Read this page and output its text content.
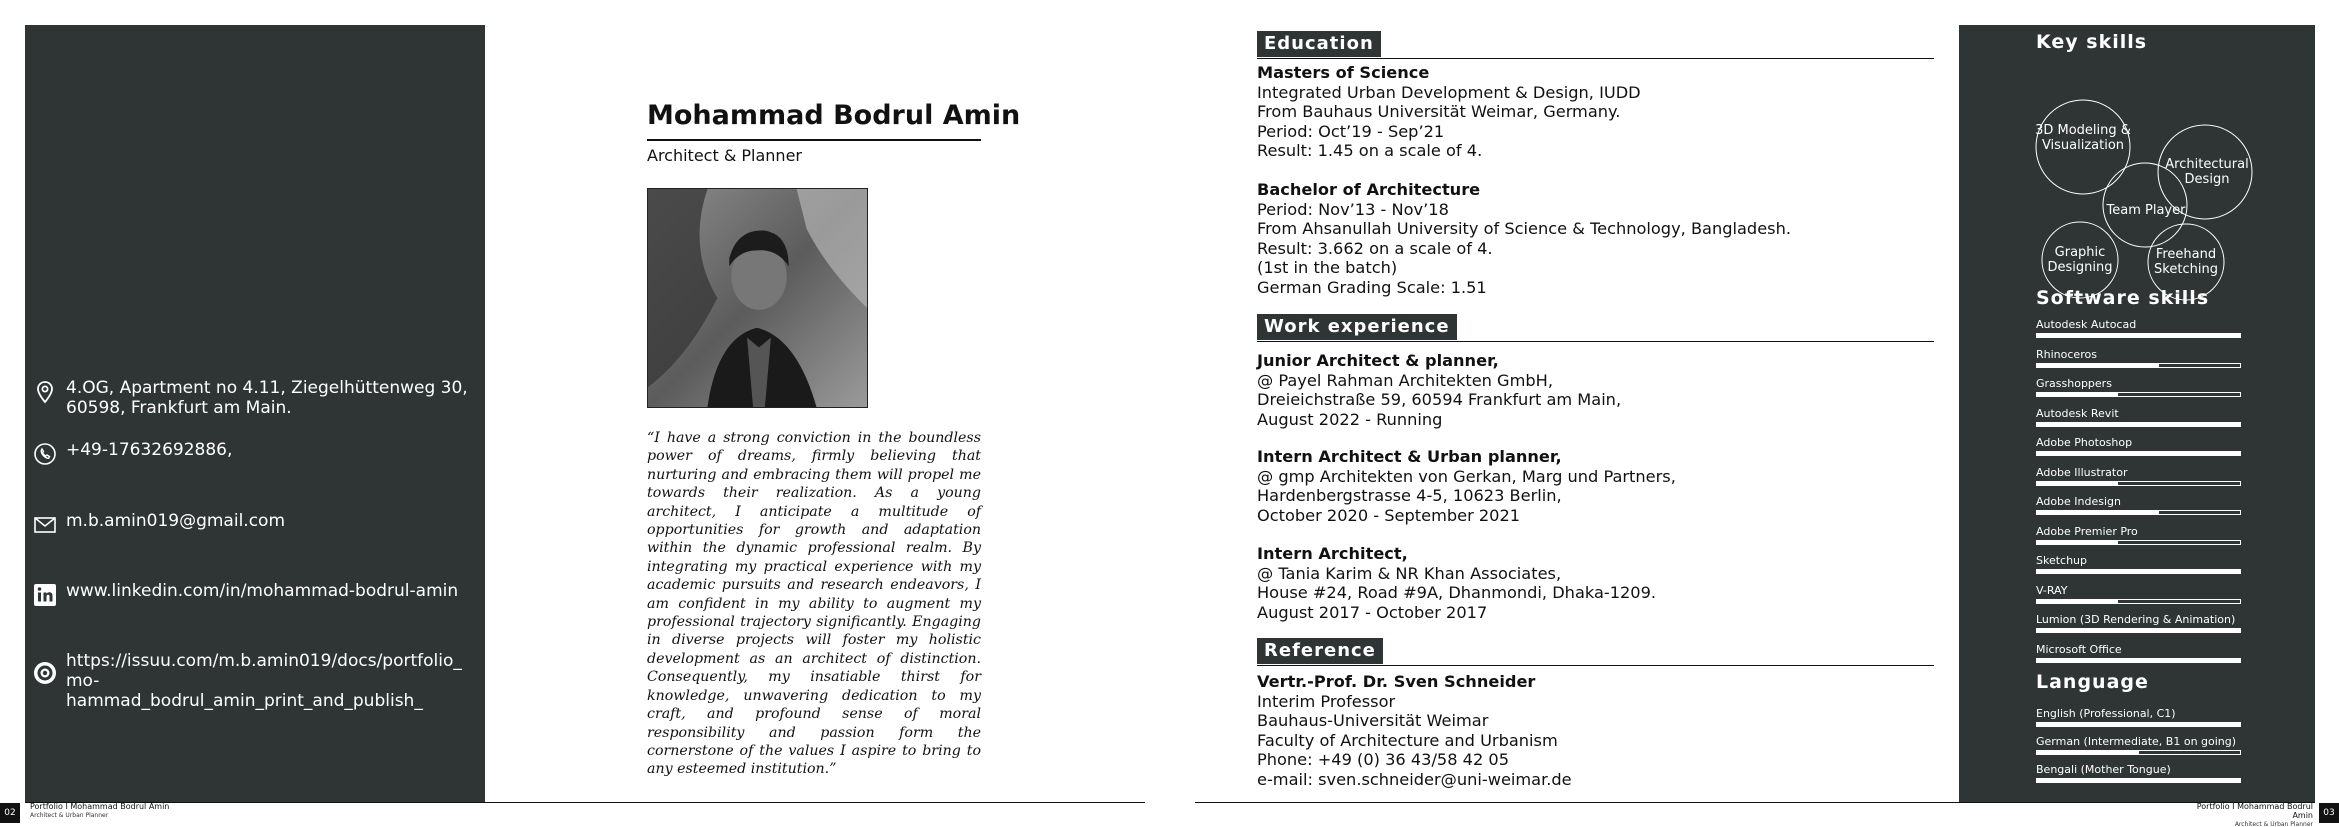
4.OG, Apartment no 4.11, Ziegelhüttenweg 30,
60598, Frankfurt am Main.
+49-17632692886,
m.b.amin019@gmail.com
www.linkedin.com/in/mohammad-bodrul-amin
https://issuu.com/m.b.amin019/docs/portfolio_mo-
hammad_bodrul_amin_print_and_publish_
Mohammad Bodrul Amin
Architect & Planner

“I have a strong conviction in the boundless power of dreams, firmly believing that nurturing and embracing them will propel me towards their realization. As a young architect, I anticipate a multitude of opportunities for growth and adaptation within the dynamic professional realm. By integrating my practical experience with my academic pursuits and research endeavors, I am confident in my ability to augment my professional trajectory significantly. Engaging in diverse projects will foster my holistic development as an architect of distinction. Consequently, my insatiable thirst for knowledge, unwavering dedication to my craft, and profound sense of moral responsibility and passion form the cornerstone of the values I aspire to bring to any esteemed institution.”

02
Portfolio I Mohammad Bodrul Amin
Architect & Urban Planner
Education
Masters of Science
Integrated Urban Development & Design, IUDD
From Bauhaus Universität Weimar, Germany.
Period: Oct’19 - Sep’21
Result: 1.45 on a scale of 4.
Bachelor of Architecture
Period: Nov’13 - Nov’18
From Ahsanullah University of Science & Technology, Bangladesh.
Result: 3.662 on a scale of 4.
(1st in the batch)
German Grading Scale: 1.51
Work experience
Junior Architect & planner,
@ Payel Rahman Architekten GmbH,
Dreieichstraße 59, 60594 Frankfurt am Main,
August 2022 - Running
Intern Architect & Urban planner,
@ gmp Architekten von Gerkan, Marg und Partners,
Hardenbergstrasse 4-5, 10623 Berlin,
October 2020 - September 2021
Intern Architect,
@ Tania Karim & NR Khan Associates,
House #24, Road #9A, Dhanmondi, Dhaka-1209.
August 2017 - October 2017
Reference
Vertr.-Prof. Dr. Sven Schneider
Interim Professor
Bauhaus-Universität Weimar
Faculty of Architecture and Urbanism
Phone: +49 (0) 36 43/58 42 05
e-mail: sven.schneider@uni-weimar.de
Key skills
3D Modeling & Visualization
Architectural Design
Team Player
Graphic Designing
Freehand Sketching
Software skills
Autodesk Autocad
Rhinoceros
Grasshoppers
Autodesk Revit
Adobe Photoshop
Adobe Illustrator
Adobe Indesign
Adobe Premier Pro
Sketchup
V-RAY
Lumion (3D Rendering & Animation)
Microsoft Office
Language
English (Professional, C1)
German (Intermediate, B1 on going)
Bengali (Mother Tongue)
Portfolio I Mohammad Bodrul Amin
Architect & Urban Planner
03
